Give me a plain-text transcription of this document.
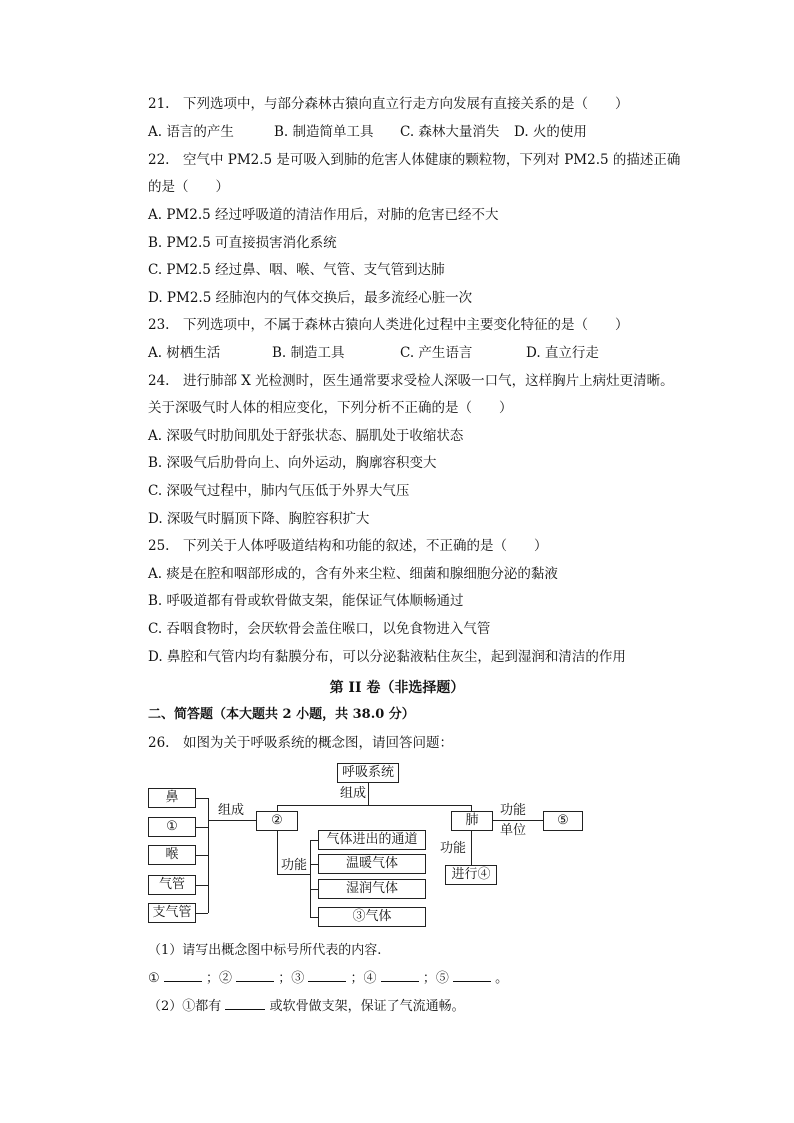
21.　下列选项中，与部分森林古猿向直立行走方向发展有直接关系的是（　　）
A. 语言的产生	B. 制造简单工具 C. 森林大量消失 D. 火的使用
22.　空气中 PM2.5 是可吸入到肺的危害人体健康的颗粒物，下列对 PM2.5 的描述正确
的是（　　）
A. PM2.5 经过呼吸道的清洁作用后，对肺的危害已经不大
B. PM2.5 可直接损害消化系统
C. PM2.5 经过鼻、咽、喉、气管、支气管到达肺
D. PM2.5 经肺泡内的气体交换后，最多流经心脏一次
23.　下列选项中，不属于森林古猿向人类进化过程中主要变化特征的是（　　）
A. 树栖生活	B. 制造工具	C. 产生语言	D. 直立行走
24.　进行肺部 X 光检测时，医生通常要求受检人深吸一口气，这样胸片上病灶更清晰。
关于深吸气时人体的相应变化，下列分析不正确的是（　　）
A. 深吸气时肋间肌处于舒张状态、膈肌处于收缩状态
B. 深吸气后肋骨向上、向外运动，胸廓容积变大
C. 深吸气过程中，肺内气压低于外界大气压
D. 深吸气时膈顶下降、胸腔容积扩大
25.　下列关于人体呼吸道结构和功能的叙述，不正确的是（　　）
A. 痰是在腔和咽部形成的，含有外来尘粒、细菌和腺细胞分泌的黏液
B. 呼吸道都有骨或软骨做支架，能保证气体顺畅通过
C. 吞咽食物时，会厌软骨会盖住喉口，以免食物进入气管
D. 鼻腔和气管内均有黏膜分布，可以分泌黏液粘住灰尘，起到湿润和清洁的作用
第 II 卷（非选择题）
二、简答题（本大题共 2 小题，共 38.0 分）
26.　如图为关于呼吸系统的概念图，请回答问题：
呼吸系统
组成
鼻
①
喉
气管
支气管
组成
②
功能
气体进出的通道
温暖气体
湿润气体
③气体
肺
功能
进行④
功能
单位
⑤
（1）请写出概念图中标号所代表的内容.
①	；②	；③	；④	；⑤	。
（2）①都有	或软骨做支架，保证了气流通畅。
